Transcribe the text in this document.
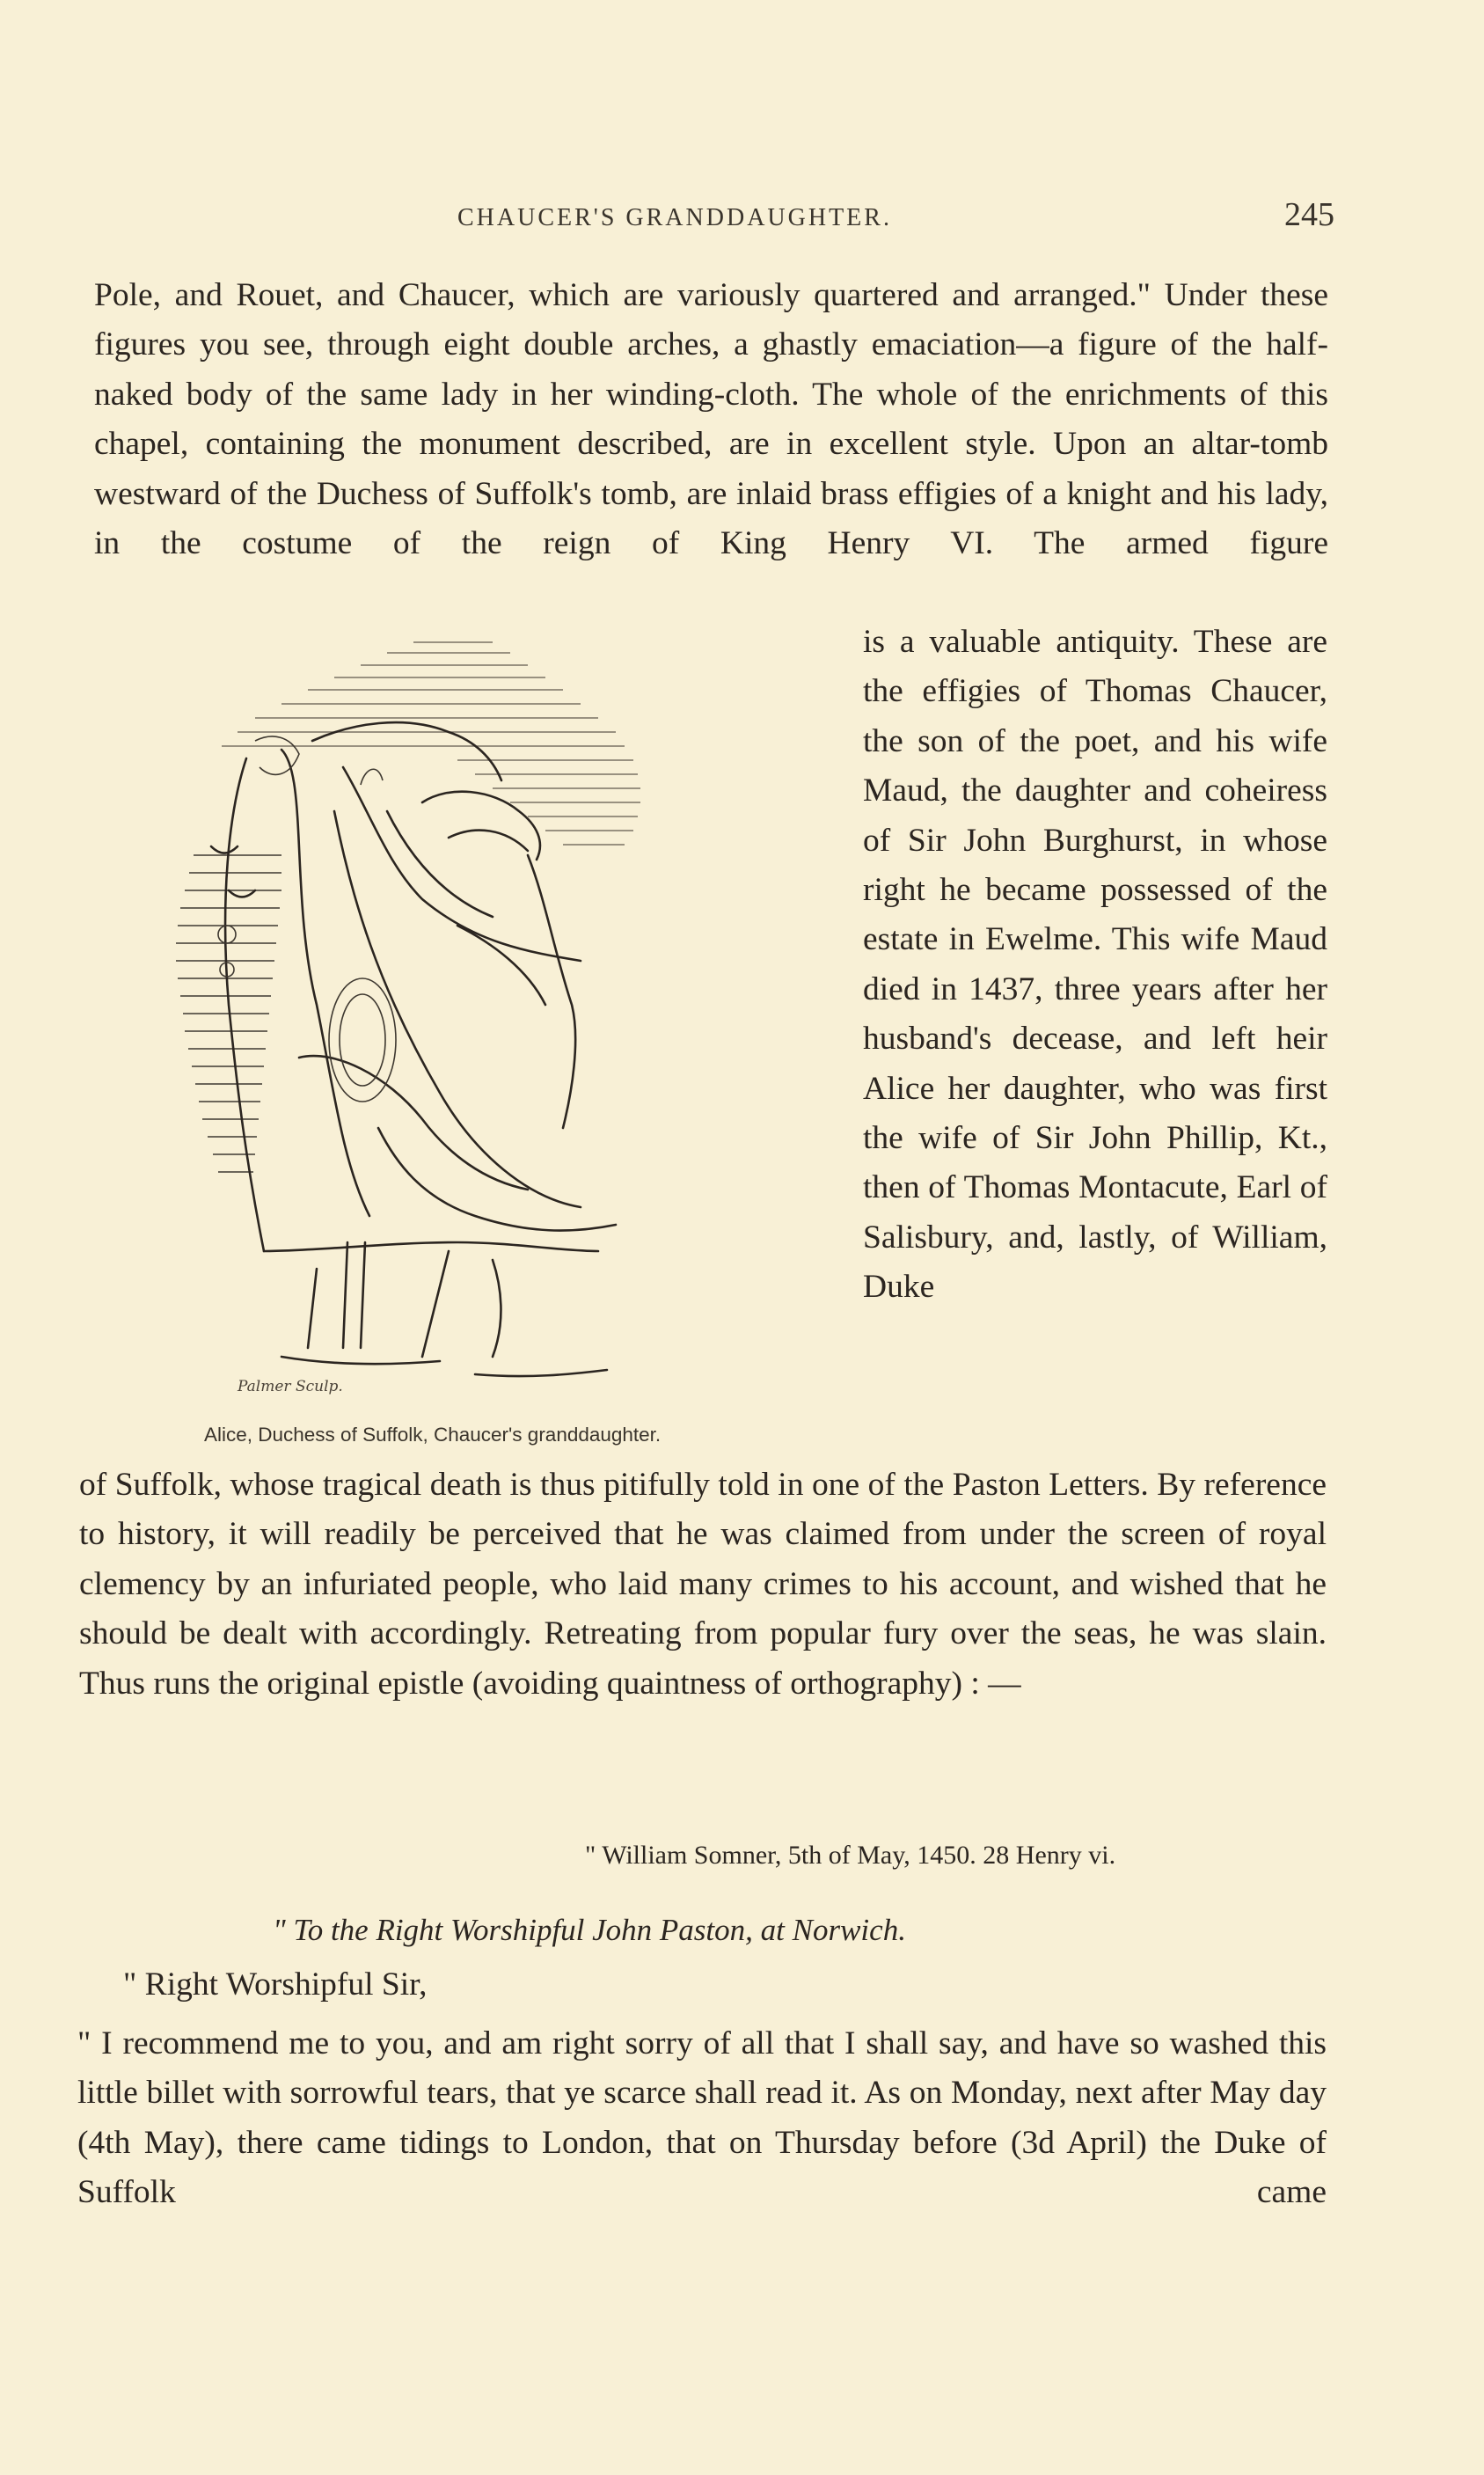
CHAUCER'S GRANDDAUGHTER.	245

Pole, and Rouet, and Chaucer, which are variously quartered and arranged." Under these figures you see, through eight double arches, a ghastly emaciation—a figure of the half-naked body of the same lady in her winding-cloth. The whole of the enrichments of this chapel, containing the monument described, are in excellent style. Upon an altar-tomb westward of the Duchess of Suffolk's tomb, are inlaid brass effigies of a knight and his lady, in the costume of the reign of King Henry VI. The armed figure

Palmer Sculp.

is a valuable antiquity. These are the effigies of Thomas Chaucer, the son of the poet, and his wife Maud, the daughter and coheiress of Sir John Burghurst, in whose right he became possessed of the estate in Ewelme. This wife Maud died in 1437, three years after her husband's decease, and left heir Alice her daughter, who was first the wife of Sir John Phillip, Kt., then of Thomas Montacute, Earl of Salisbury, and, lastly, of William, Duke

Alice, Duchess of Suffolk, Chaucer's granddaughter.

of Suffolk, whose tragical death is thus pitifully told in one of the Paston Letters. By reference to history, it will readily be perceived that he was claimed from under the screen of royal clemency by an infuriated people, who laid many crimes to his account, and wished that he should be dealt with accordingly. Retreating from popular fury over the seas, he was slain. Thus runs the original epistle (avoiding quaintness of orthography) : —

" William Somner, 5th of May, 1450. 28 Henry vi.
" To the Right Worshipful John Paston, at Norwich.
" Right Worshipful Sir,

" I recommend me to you, and am right sorry of all that I shall say, and have so washed this little billet with sorrowful tears, that ye scarce shall read it. As on Monday, next after May day (4th May), there came tidings to London, that on Thursday before (3d April) the Duke of Suffolk came
